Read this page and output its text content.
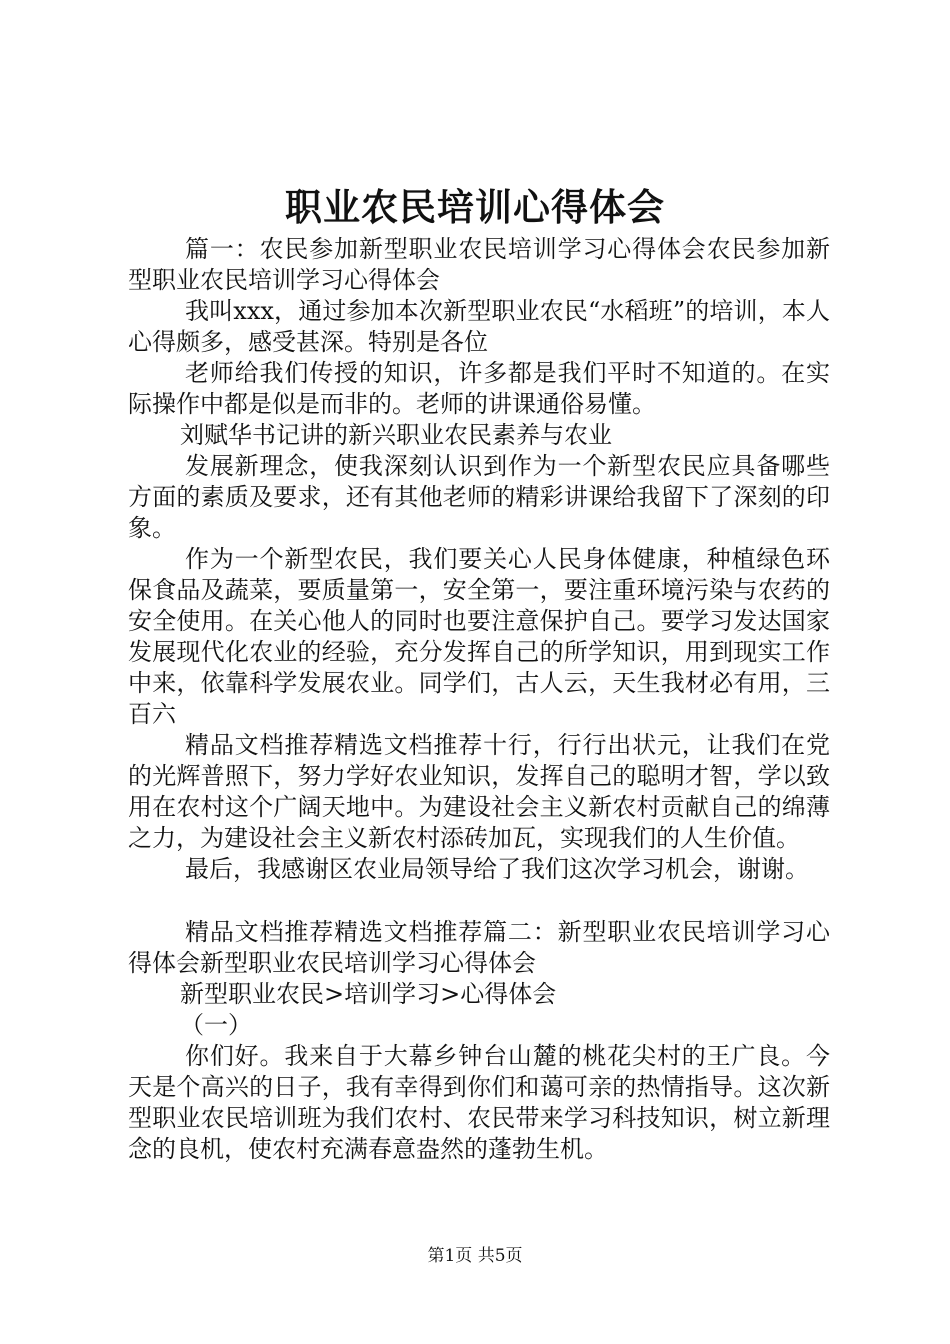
职业农民培训心得体会

篇一：农民参加新型职业农民培训学习心得体会农民参加新型职业农民培训学习心得体会

我叫xxx，通过参加本次新型职业农民“水稻班”的培训，本人心得颇多，感受甚深。特别是各位

老师给我们传授的知识，许多都是我们平时不知道的。在实际操作中都是似是而非的。老师的讲课通俗易懂。

刘赋华书记讲的新兴职业农民素养与农业

发展新理念，使我深刻认识到作为一个新型农民应具备哪些方面的素质及要求，还有其他老师的精彩讲课给我留下了深刻的印象。

作为一个新型农民，我们要关心人民身体健康，种植绿色环保食品及蔬菜，要质量第一，安全第一，要注重环境污染与农药的安全使用。在关心他人的同时也要注意保护自己。要学习发达国家发展现代化农业的经验，充分发挥自己的所学知识，用到现实工作中来，依靠科学发展农业。同学们，古人云，天生我材必有用，三百六

精品文档推荐精选文档推荐十行，行行出状元，让我们在党的光辉普照下，努力学好农业知识，发挥自己的聪明才智，学以致用在农村这个广阔天地中。为建设社会主义新农村贡献自己的绵薄之力，为建设社会主义新农村添砖加瓦，实现我们的人生价值。

最后，我感谢区农业局领导给了我们这次学习机会，谢谢。

精品文档推荐精选文档推荐篇二：新型职业农民培训学习心得体会新型职业农民培训学习心得体会

新型职业农民>培训学习>心得体会

（一）

你们好。我来自于大幕乡钟台山麓的桃花尖村的王广良。今天是个高兴的日子，我有幸得到你们和蔼可亲的热情指导。这次新型职业农民培训班为我们农村、农民带来学习科技知识，树立新理念的良机，使农村充满春意盎然的蓬勃生机。

第1页 共5页
